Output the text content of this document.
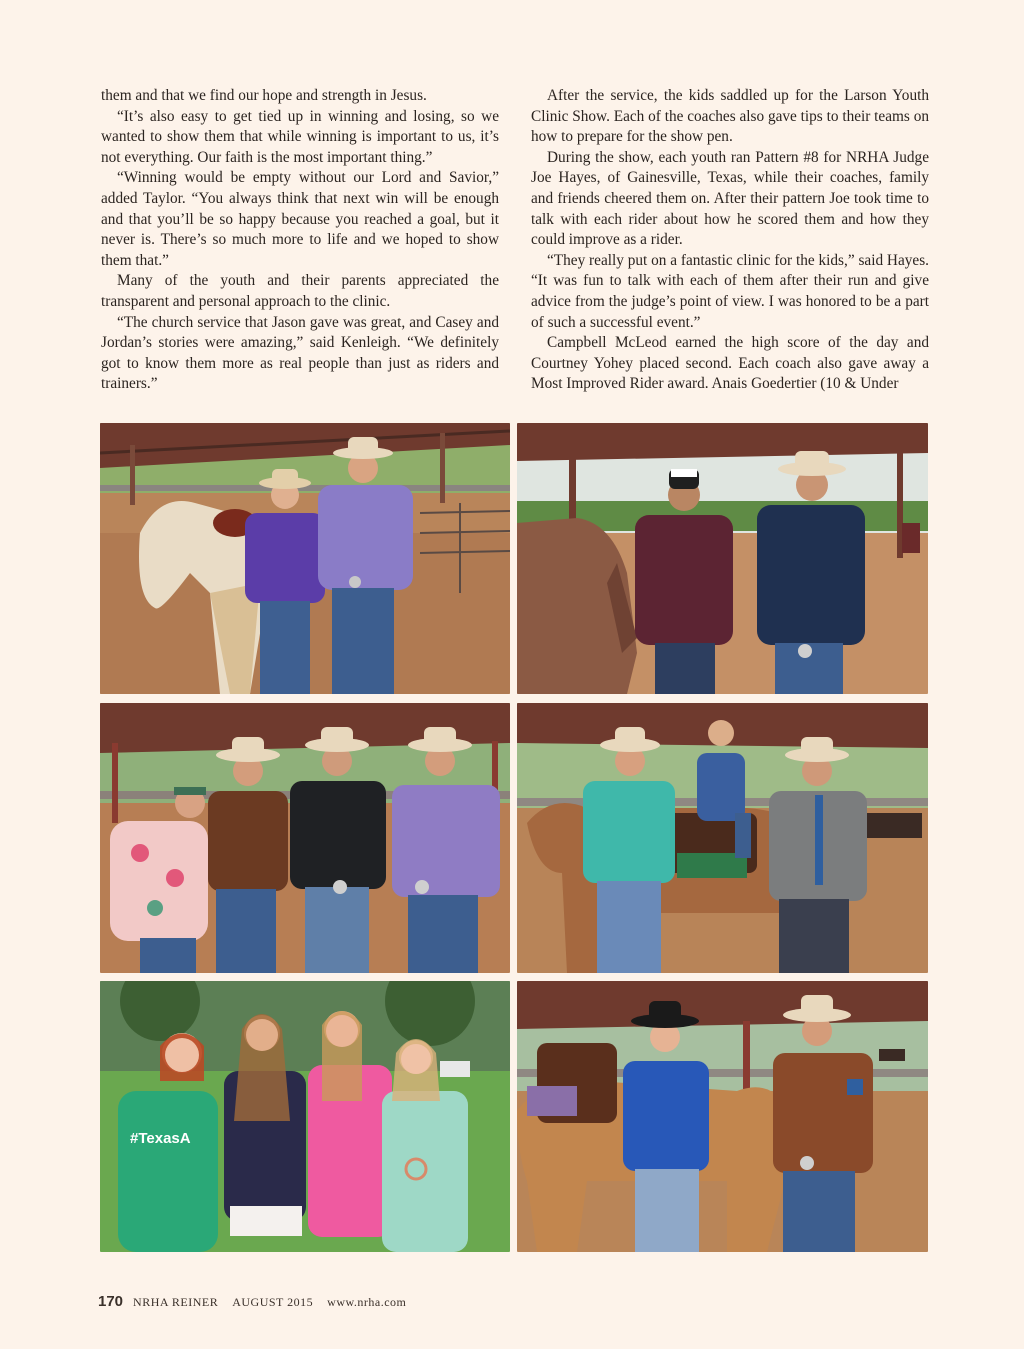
them and that we find our hope and strength in Jesus.

“It’s also easy to get tied up in winning and losing, so we wanted to show them that while winning is important to us, it’s not everything. Our faith is the most important thing.”

“Winning would be empty without our Lord and Savior,” added Taylor. “You always think that next win will be enough and that you’ll be so happy because you reached a goal, but it never is. There’s so much more to life and we hoped to show them that.”

Many of the youth and their parents appreciated the transparent and personal approach to the clinic.

“The church service that Jason gave was great, and Casey and Jordan’s stories were amazing,” said Kenleigh. “We definitely got to know them more as real people than just as riders and trainers.”

After the service, the kids saddled up for the Larson Youth Clinic Show. Each of the coaches also gave tips to their teams on how to prepare for the show pen.

During the show, each youth ran Pattern #8 for NRHA Judge Joe Hayes, of Gainesville, Texas, while their coaches, family and friends cheered them on. After their pattern Joe took time to talk with each rider about how he scored them and how they could improve as a rider.

“They really put on a fantastic clinic for the kids,” said Hayes. “It was fun to talk with each of them after their run and give advice from the judge’s point of view. I was honored to be a part of such a successful event.”

Campbell McLeod earned the high score of the day and Courtney Yohey placed second. Each coach also gave away a Most Improved Rider award. Anais Goedertier (10 & Under

#TexasA
170 NRHA REINER AUGUST 2015 www.nrha.com
